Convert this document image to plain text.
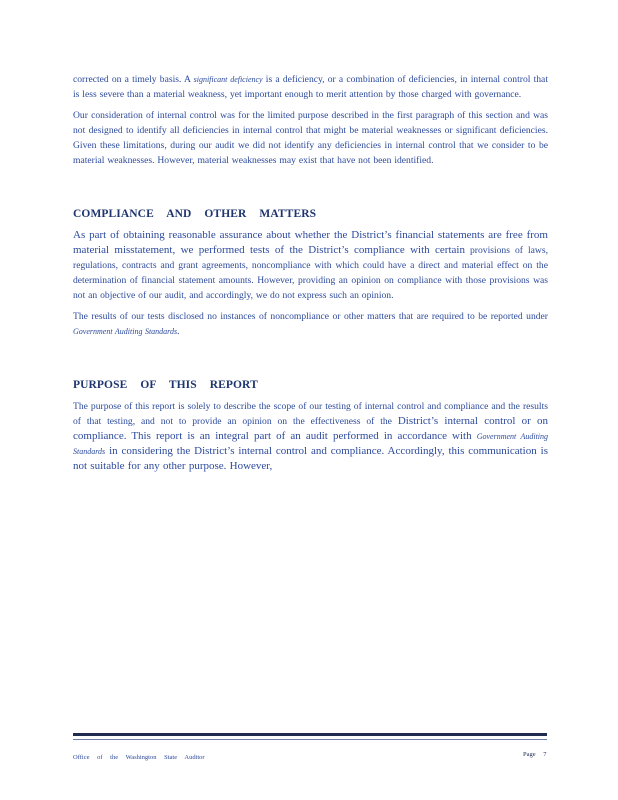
corrected on a timely basis. A significant deficiency is a deficiency, or a combination of deficiencies, in internal control that is less severe than a material weakness, yet important enough to merit attention by those charged with governance.

Our consideration of internal control was for the limited purpose described in the first paragraph of this section and was not designed to identify all deficiencies in internal control that might be material weaknesses or significant deficiencies. Given these limitations, during our audit we did not identify any deficiencies in internal control that we consider to be material weaknesses. However, material weaknesses may exist that have not been identified.

COMPLIANCE AND OTHER MATTERS

As part of obtaining reasonable assurance about whether the District’s financial statements are free from material misstatement, we performed tests of the District’s compliance with certain provisions of laws, regulations, contracts and grant agreements, noncompliance with which could have a direct and material effect on the determination of financial statement amounts. However, providing an opinion on compliance with those provisions was not an objective of our audit, and accordingly, we do not express such an opinion.

The results of our tests disclosed no instances of noncompliance or other matters that are required to be reported under Government Auditing Standards.

PURPOSE OF THIS REPORT

The purpose of this report is solely to describe the scope of our testing of internal control and compliance and the results of that testing, and not to provide an opinion on the effectiveness of the District’s internal control or on compliance. This report is an integral part of an audit performed in accordance with Government Auditing Standards in considering the District’s internal control and compliance. Accordingly, this communication is not suitable for any other purpose. However,

Office of the Washington State Auditor	Page 7
